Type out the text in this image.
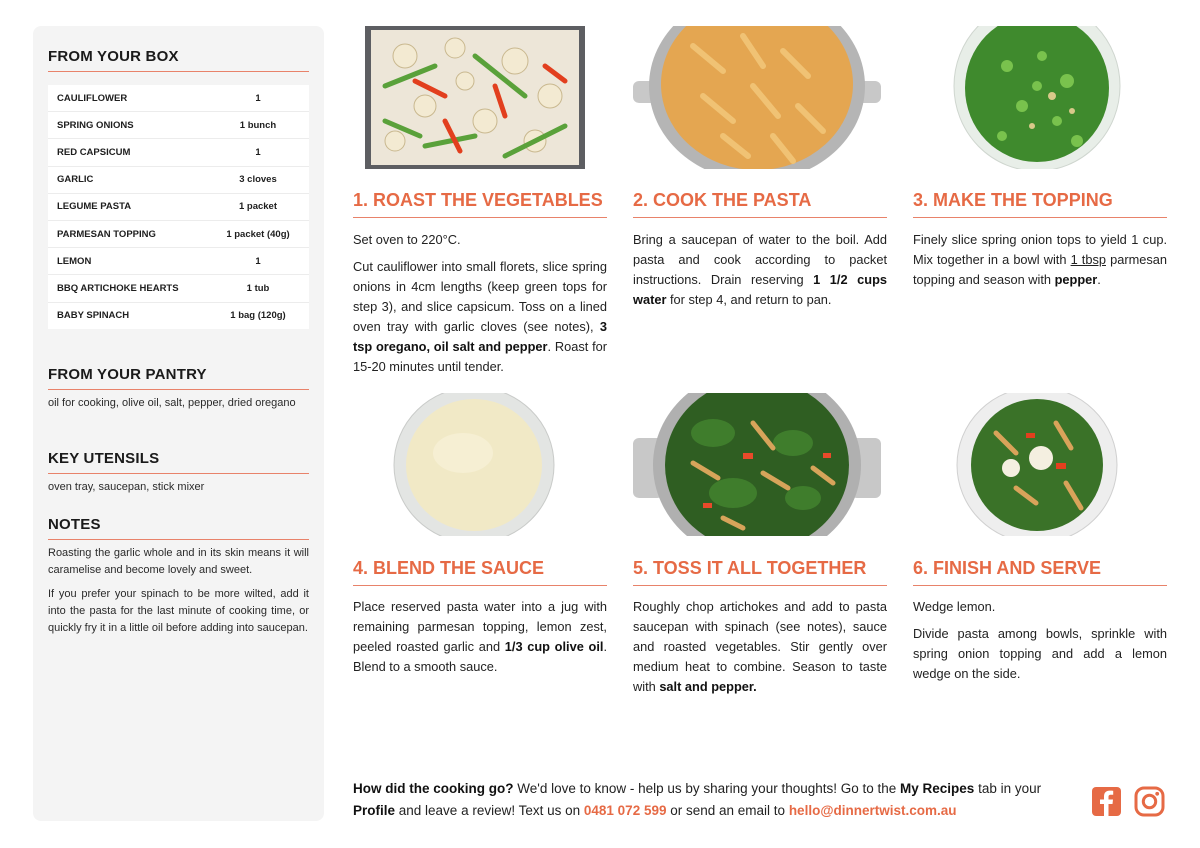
FROM YOUR BOX
CAULIFLOWER	1
SPRING ONIONS	1 bunch
RED CAPSICUM	1
GARLIC	3 cloves
LEGUME PASTA	1 packet
PARMESAN TOPPING	1 packet (40g)
LEMON	1
BBQ ARTICHOKE HEARTS	1 tub
BABY SPINACH	1 bag (120g)
FROM YOUR PANTRY
oil for cooking, olive oil, salt, pepper, dried oregano
KEY UTENSILS
oven tray, saucepan, stick mixer
NOTES

Roasting the garlic whole and in its skin means it will caramelise and become lovely and sweet.

If you prefer your spinach to be more wilted, add it into the pasta for the last minute of cooking time, or quickly fry it in a little oil before adding into saucepan.

1. ROAST THE VEGETABLES

Set oven to 220°C.

Cut cauliflower into small florets, slice spring onions in 4cm lengths (keep green tops for step 3), and slice capsicum. Toss on a lined oven tray with garlic cloves (see notes), 3 tsp oregano, oil salt and pepper. Roast for 15-20 minutes until tender.

2. COOK THE PASTA

Bring a saucepan of water to the boil. Add pasta and cook according to packet instructions. Drain reserving 1 1/2 cups water for step 4, and return to pan.

3. MAKE THE TOPPING

Finely slice spring onion tops to yield 1 cup. Mix together in a bowl with 1 tbsp parmesan topping and season with pepper.

4. BLEND THE SAUCE

Place reserved pasta water into a jug with remaining parmesan topping, lemon zest, peeled roasted garlic and 1/3 cup olive oil. Blend to a smooth sauce.

5. TOSS IT ALL TOGETHER

Roughly chop artichokes and add to pasta saucepan with spinach (see notes), sauce and roasted vegetables. Stir gently over medium heat to combine. Season to taste with salt and pepper.

6. FINISH AND SERVE

Wedge lemon.

Divide pasta among bowls, sprinkle with spring onion topping and add a lemon wedge on the side.

How did the cooking go? We'd love to know - help us by sharing your thoughts! Go to the My Recipes tab in your Profile and leave a review! Text us on 0481 072 599 or send an email to hello@dinnertwist.com.au
